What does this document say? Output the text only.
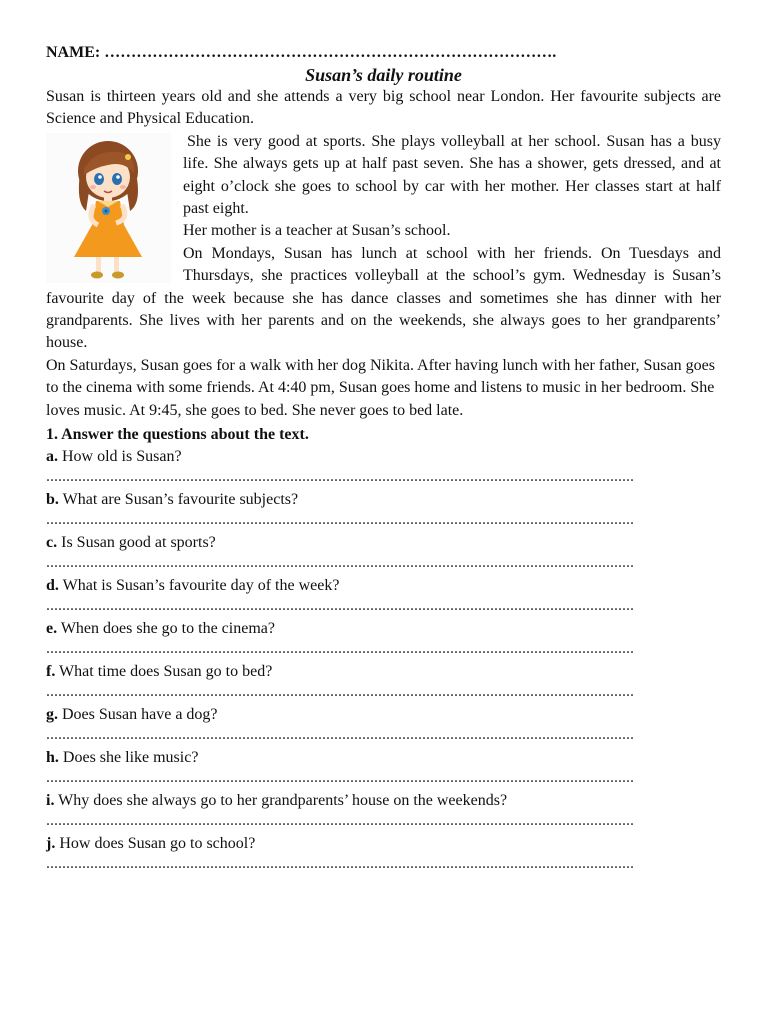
NAME: ………………………………………………………………………….
Susan’s daily routine

Susan is thirteen years old and she attends a very big school near London. Her favourite subjects are Science and Physical Education.

She is very good at sports. She plays volleyball at her school. Susan has a busy life. She always gets up at half past seven. She has a shower, gets dressed, and at eight o’clock she goes to school by car with her mother. Her classes start at half past eight.

Her mother is a teacher at Susan’s school.

On Mondays, Susan has lunch at school with her friends. On Tuesdays and Thursdays, she practices volleyball at the school’s gym. Wednesday is Susan’s favourite day of the week because she has dance classes and sometimes she has dinner with her grandparents. She lives with her parents and on the weekends, she always goes to her grandparents’ house.

On Saturdays, Susan goes for a walk with her dog Nikita. After having lunch with her father, Susan goes to the cinema with some friends. At 4:40 pm, Susan goes home and listens to music in her bedroom. She loves music. At 9:45, she goes to bed. She never goes to bed late.

1. Answer the questions about the text.
a. How old is Susan?
...................................................................................................................................................
b. What are Susan’s favourite subjects?
...................................................................................................................................................
c. Is Susan good at sports?
...................................................................................................................................................
d. What is Susan’s favourite day of the week?
...................................................................................................................................................
e. When does she go to the cinema?
...................................................................................................................................................
f. What time does Susan go to bed?
...................................................................................................................................................
g. Does Susan have a dog?
...................................................................................................................................................
h. Does she like music?
...................................................................................................................................................
i. Why does she always go to her grandparents’ house on the weekends?
...................................................................................................................................................
j. How does Susan go to school?
...................................................................................................................................................
